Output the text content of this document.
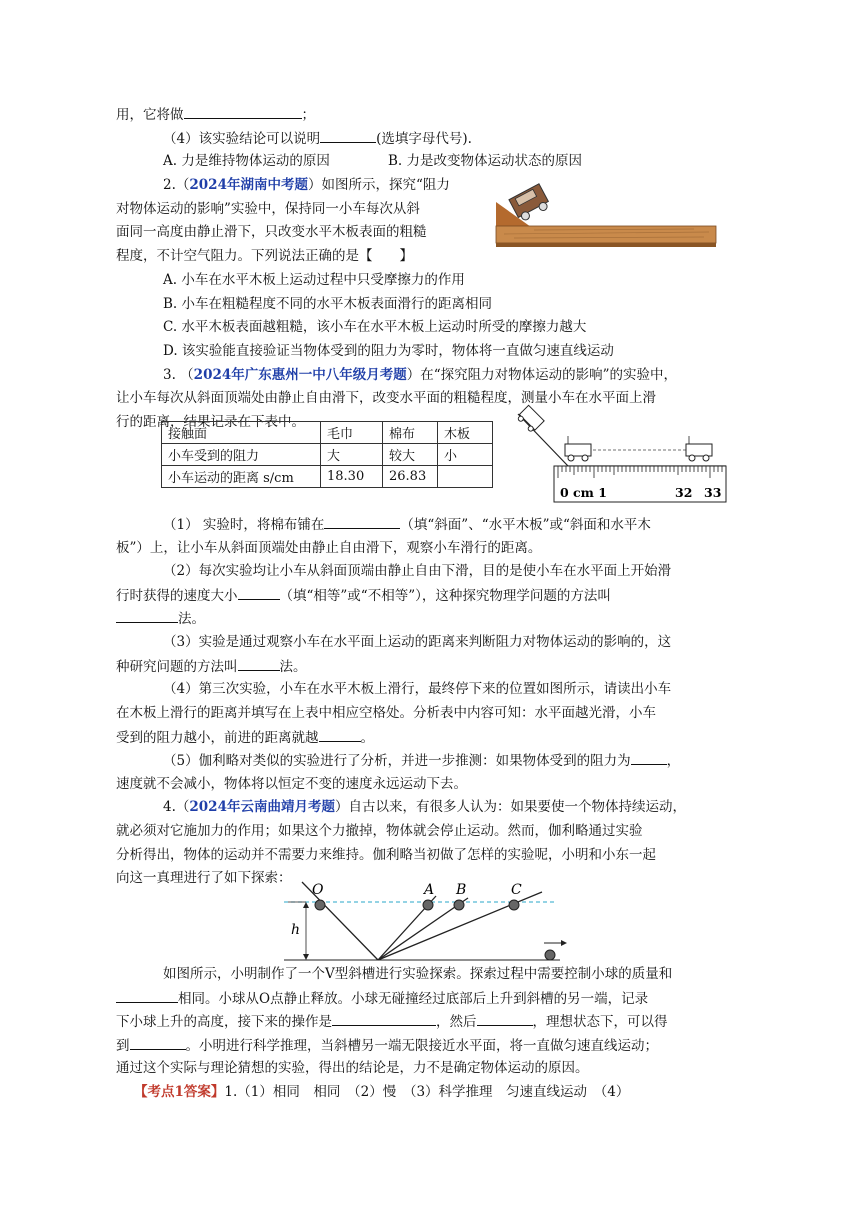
用，它将做	；
（4）该实验结论可以说明	(选填字母代号).
A. 力是维持物体运动的原因	B. 力是改变物体运动状态的原因
2.（2024年湖南中考题）如图所示，探究“阻力
对物体运动的影响”实验中，保持同一小车每次从斜
面同一高度由静止滑下，只改变水平木板表面的粗糙
程度，不计空气阻力。下列说法正确的是【　　】
A. 小车在水平木板上运动过程中只受摩擦力的作用
B. 小车在粗糙程度不同的水平木板表面滑行的距离相同
C. 水平木板表面越粗糙，该小车在水平木板上运动时所受的摩擦力越大
D. 该实验能直接验证当物体受到的阻力为零时，物体将一直做匀速直线运动
3. （2024年广东惠州一中八年级月考题）在“探究阻力对物体运动的影响”的实验中，
让小车每次从斜面顶端处由静止自由滑下，改变水平面的粗糙程度，测量小车在水平面上滑
行的距离，结果记录在下表中。
接触面	毛巾	棉布	木板
小车受到的阻力	大	较大	小
小车运动的距离 s/cm	18.30	26.83	
0 cm 1	32 33
（1） 实验时，将棉布铺在	（填“斜面”、“水平木板”或“斜面和水平木
板”）上，让小车从斜面顶端处由静止自由滑下，观察小车滑行的距离。
（2）每次实验均让小车从斜面顶端由静止自由下滑，目的是使小车在水平面上开始滑
行时获得的速度大小	（填“相等”或“不相等”），这种探究物理学问题的方法叫
法。
（3）实验是通过观察小车在水平面上运动的距离来判断阻力对物体运动的影响的，这
种研究问题的方法叫	法。
（4）第三次实验，小车在水平木板上滑行，最终停下来的位置如图所示，请读出小车
在木板上滑行的距离并填写在上表中相应空格处。分析表中内容可知：水平面越光滑，小车
受到的阻力越小，前进的距离就越	。
（5）伽利略对类似的实验进行了分析，并进一步推测：如果物体受到的阻力为	，
速度就不会减小，物体将以恒定不变的速度永远运动下去。
4.（2024年云南曲靖月考题）自古以来，有很多人认为：如果要使一个物体持续运动，
就必须对它施加力的作用；如果这个力撤掉，物体就会停止运动。然而，伽利略通过实验
分析得出，物体的运动并不需要力来维持。伽利略当初做了怎样的实验呢，小明和小东一起
向这一真理进行了如下探索：
h
O	A B	C
如图所示，小明制作了一个V型斜槽进行实验探索。探索过程中需要控制小球的质量和
相同。小球从O点静止释放。小球无碰撞经过底部后上升到斜槽的另一端，记录
下小球上升的高度，接下来的操作是	，然后	，理想状态下，可以得
到	。小明进行科学推理，当斜槽另一端无限接近水平面，将一直做匀速直线运动；
通过这个实际与理论猜想的实验，得出的结论是，力不是确定物体运动的原因。
【考点1答案】1.（1）相同　相同　（2）慢　（3）科学推理　匀速直线运动　（4）
